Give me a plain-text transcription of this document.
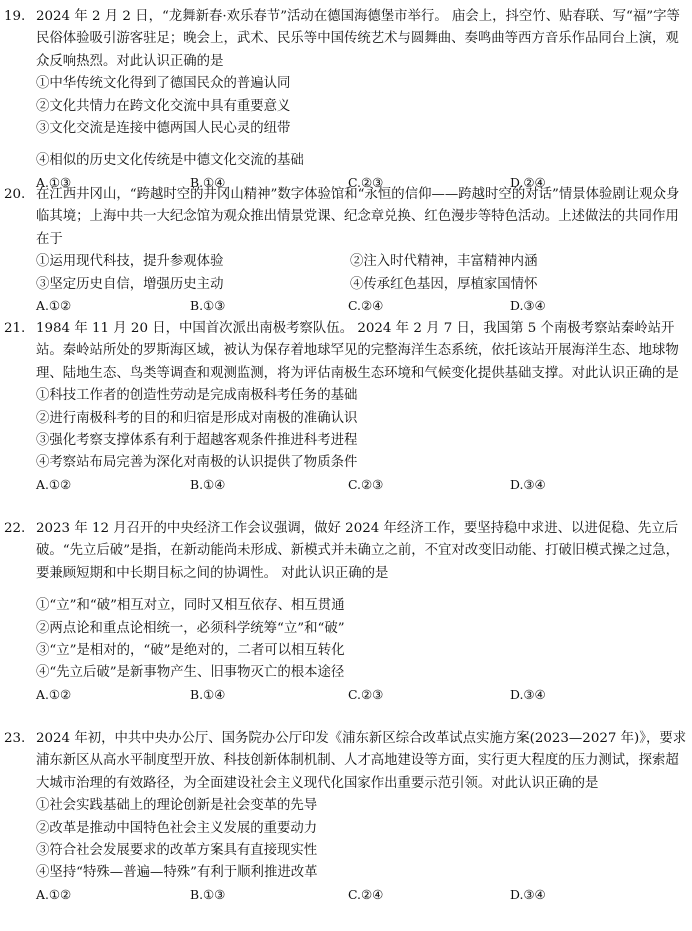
19. 2024 年 2 月 2 日，“龙舞新春·欢乐春节”活动在德国海德堡市举行。 庙会上，抖空竹、贴春联、写“福”字等民俗体验吸引游客驻足；晚会上，武术、民乐等中国传统艺术与圆舞曲、奏鸣曲等西方音乐作品同台上演，观众反响热烈。对此认识正确的是
①中华传统文化得到了德国民众的普遍认同
②文化共情力在跨文化交流中具有重要意义
③文化交流是连接中德两国人民心灵的纽带
④相似的历史文化传统是中德文化交流的基础
A.①③	B.①④	C.②③	D.②④
20. 在江西井冈山，“跨越时空的井冈山精神”数字体验馆和“永恒的信仰——跨越时空的对话”情景体验剧让观众身临其境；上海中共一大纪念馆为观众推出情景党课、纪念章兑换、红色漫步等特色活动。上述做法的共同作用在于
①运用现代科技，提升参观体验	②注入时代精神，丰富精神内涵
③坚定历史自信，增强历史主动	④传承红色基因，厚植家国情怀
A.①②	B.①③	C.②④	D.③④
21. 1984 年 11 月 20 日，中国首次派出南极考察队伍。 2024 年 2 月 7 日，我国第 5 个南极考察站秦岭站开站。秦岭站所处的罗斯海区域，被认为保存着地球罕见的完整海洋生态系统，依托该站开展海洋生态、地球物理、陆地生态、鸟类等调查和观测监测，将为评估南极生态环境和气候变化提供基础支撑。对此认识正确的是
①科技工作者的创造性劳动是完成南极科考任务的基础
②进行南极科考的目的和归宿是形成对南极的准确认识
③强化考察支撑体系有利于超越客观条件推进科考进程
④考察站布局完善为深化对南极的认识提供了物质条件
A.①②	B.①④	C.②③	D.③④
22. 2023 年 12 月召开的中央经济工作会议强调，做好 2024 年经济工作，要坚持稳中求进、以进促稳、先立后破。“先立后破”是指，在新动能尚未形成、新模式并未确立之前，不宜对改变旧动能、打破旧模式操之过急，要兼顾短期和中长期目标之间的协调性。 对此认识正确的是
①“立”和“破”相互对立，同时又相互依存、相互贯通
②两点论和重点论相统一，必须科学统筹“立”和“破”
③“立”是相对的，“破”是绝对的，二者可以相互转化
④“先立后破”是新事物产生、旧事物灭亡的根本途径
A.①②	B.①④	C.②③	D.③④
23. 2024 年初，中共中央办公厅、国务院办公厅印发《浦东新区综合改革试点实施方案(2023—2027 年)》，要求浦东新区从高水平制度型开放、科技创新体制机制、人才高地建设等方面，实行更大程度的压力测试，探索超大城市治理的有效路径，为全面建设社会主义现代化国家作出重要示范引领。对此认识正确的是
①社会实践基础上的理论创新是社会变革的先导
②改革是推动中国特色社会主义发展的重要动力
③符合社会发展要求的改革方案具有直接现实性
④坚持“特殊—普遍—特殊”有利于顺利推进改革
A.①②	B.①③	C.②④	D.③④
